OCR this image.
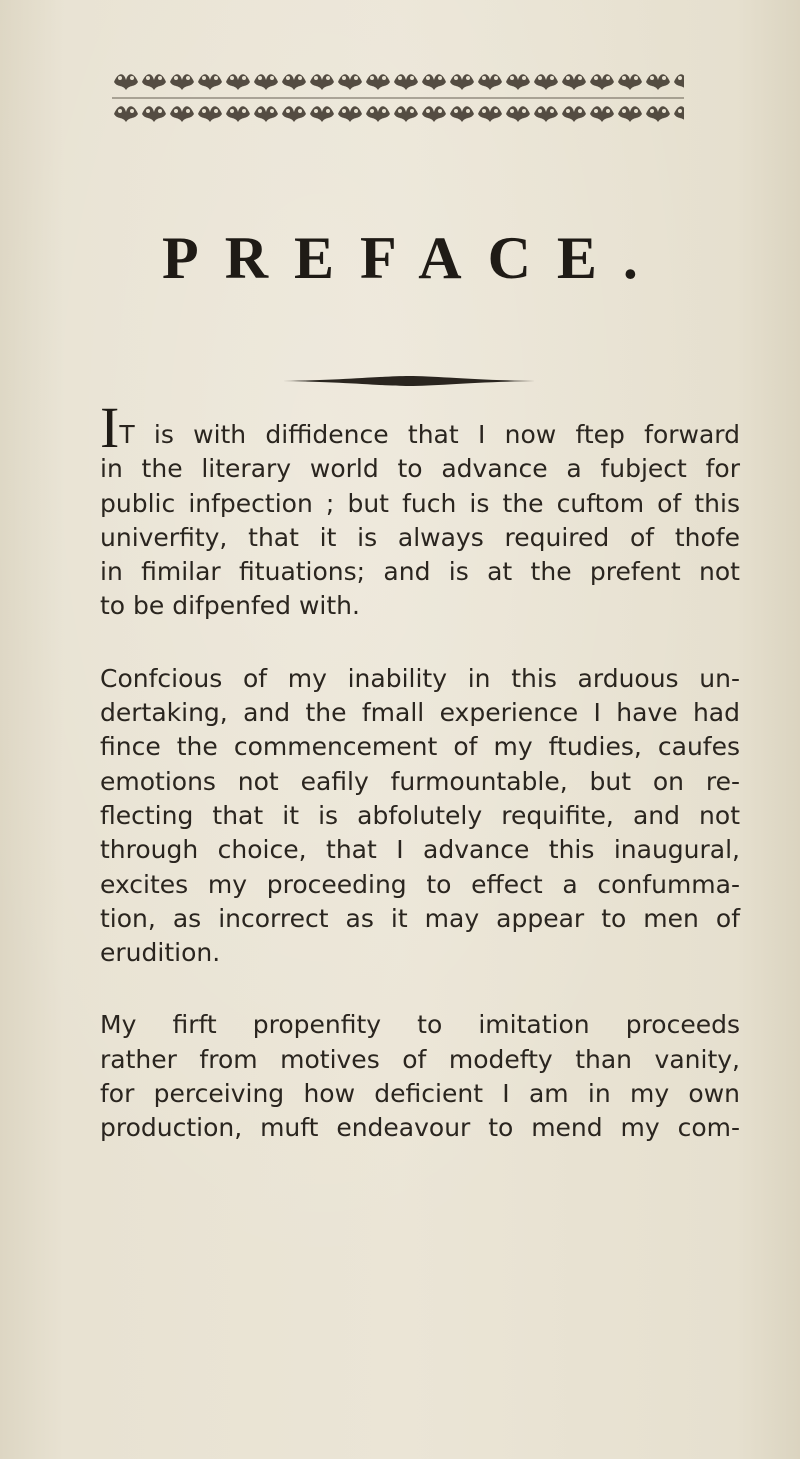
PREFACE.

IT is with diffidence that I now ftep forward
in the literary world to advance a fubject for
public infpection ; but fuch is the cuftom of this
univerfity, that it is always required of thofe
in fimilar fituations; and is at the prefent not
to be difpenfed with.

Confcious of my inability in this arduous un-
dertaking, and the fmall experience I have had
fince the commencement of my ftudies, caufes
emotions not eafily furmountable, but on re-
flecting that it is abfolutely requifite, and not
through choice, that I advance this inaugural,
excites my proceeding to effect a confumma-
tion, as incorrect as it may appear to men of
erudition.

My firft propenfity to imitation proceeds
rather from motives of modefty than vanity,
for perceiving how deficient I am in my own
production, muft endeavour to mend my com-
